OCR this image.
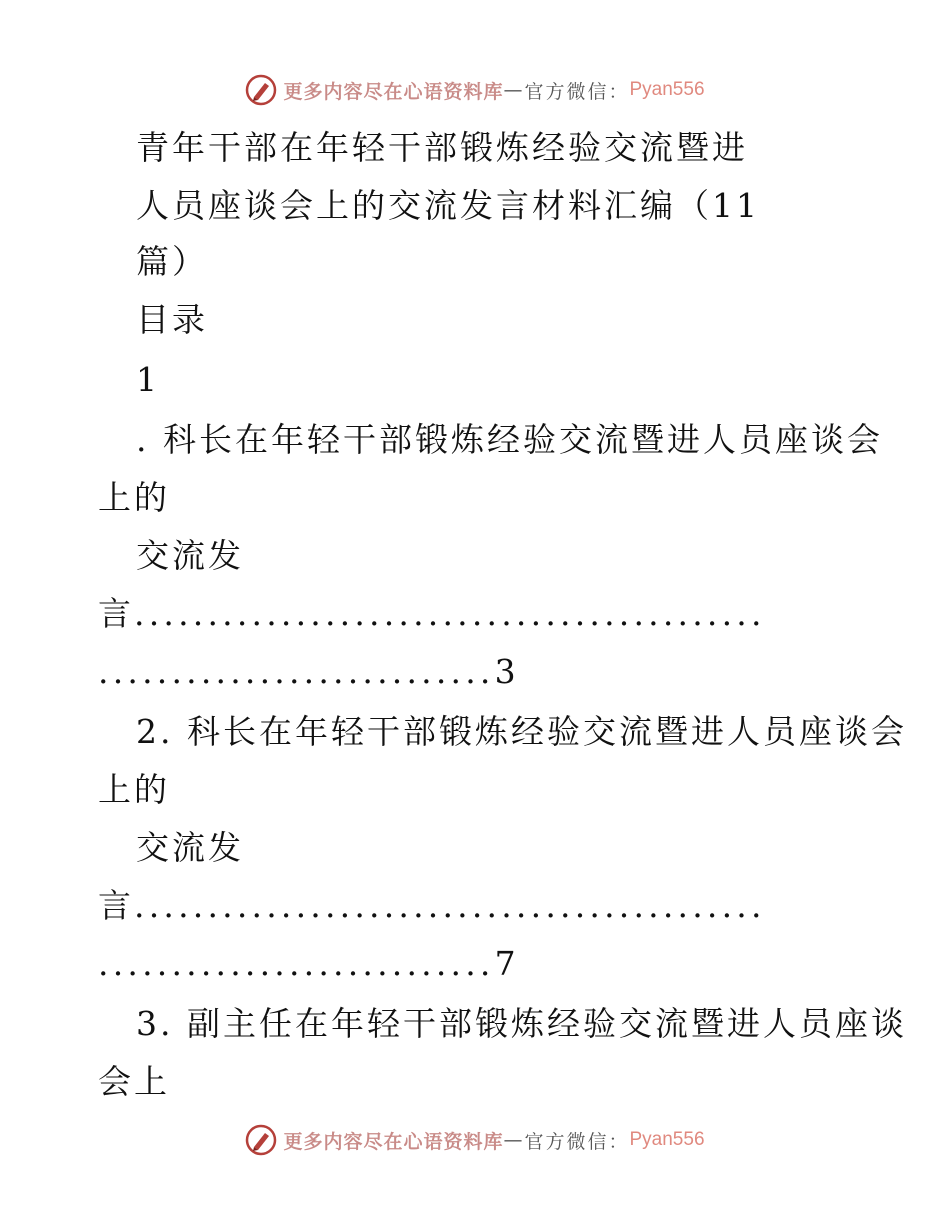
更多内容尽在心语资料库 — 官方微信： Pyan556
青年干部在年轻干部锻炼经验交流暨进
人员座谈会上的交流发言材料汇编（11
篇）
目录
1
. 科长在年轻干部锻炼经验交流暨进人员座谈会
上的
交流发
言...........................................
...........................3
2. 科长在年轻干部锻炼经验交流暨进人员座谈会
上的
交流发
言...........................................
...........................7
3. 副主任在年轻干部锻炼经验交流暨进人员座谈
会上
更多内容尽在心语资料库 — 官方微信： Pyan556
